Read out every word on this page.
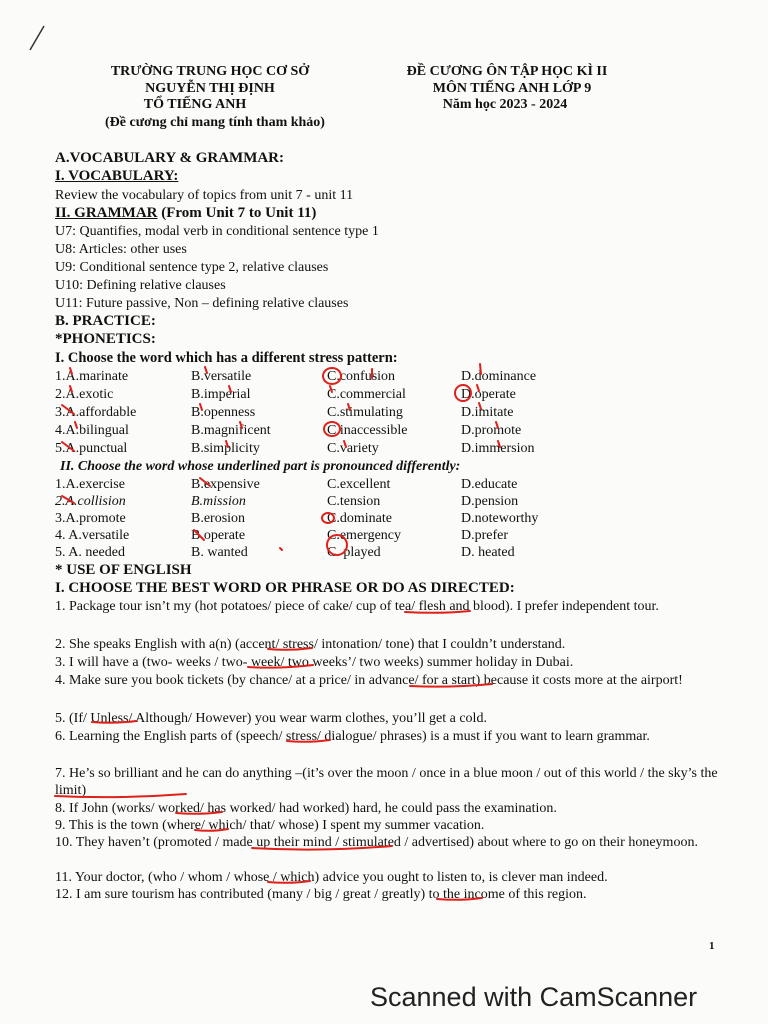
TRƯỜNG TRUNG HỌC CƠ SỞ
NGUYỄN THỊ ĐỊNH
TỔ TIẾNG ANH
(Đề cương chỉ mang tính tham khảo)
ĐỀ CƯƠNG ÔN TẬP HỌC KÌ II
MÔN TIẾNG ANH LỚP 9
Năm học 2023 - 2024
A.VOCABULARY & GRAMMAR:
I. VOCABULARY:
Review the vocabulary of topics from unit 7 - unit 11
II. GRAMMAR (From Unit 7 to Unit 11)
U7: Quantifies, modal verb in conditional sentence type 1
U8: Articles: other uses
U9: Conditional sentence type 2, relative clauses
U10: Defining relative clauses
U11: Future passive, Non – defining relative clauses
B. PRACTICE:
*PHONETICS:
I. Choose the word which has a different stress pattern:
1.A.marinate	B.versatile	C.confusion	D.dominance
2.A.exotic	B.imperial	C.commercial	D.operate
3.A.affordable	B.openness	C.stimulating	D.imitate
4.A.bilingual	B.magnificent	C.inaccessible	D.promote
5.A.punctual	B.simplicity	C.variety	D.immersion
II. Choose the word whose underlined part is pronounced differently:
1.A.exercise	B.expensive	C.excellent	D.educate
2.A.collision	B.mission	C.tension	D.pension
3.A.promote	B.erosion	C.dominate	D.noteworthy
4. A.versatile	B.operate	C.emergency	D.prefer
5. A. needed	B. wanted	C. played	D. heated
* USE OF ENGLISH
I. CHOOSE THE BEST WORD OR PHRASE OR DO AS DIRECTED:
1. Package tour isn’t my (hot potatoes/ piece of cake/ cup of tea/ flesh and blood). I prefer independent tour.
2. She speaks English with a(n) (accent/ stress/ intonation/ tone) that I couldn’t understand.
3. I will have a (two- weeks / two- week/ two weeks’/ two weeks) summer holiday in Dubai.
4. Make sure you book tickets (by chance/ at a price/ in advance/ for a start) because it costs more at the airport!
5. (If/ Unless/ Although/ However) you wear warm clothes, you’ll get a cold.
6. Learning the English parts of (speech/ stress/ dialogue/ phrases) is a must if you want to learn grammar.
7. He’s so brilliant and he can do anything –(it’s over the moon / once in a blue moon / out of this world / the sky’s the limit)
8. If John (works/ worked/ has worked/ had worked) hard, he could pass the examination.
9. This is the town (where/ which/ that/ whose) I spent my summer vacation.
10. They haven’t (promoted / made up their mind / stimulated / advertised) about where to go on their honeymoon.
11. Your doctor, (who / whom / whose / which) advice you ought to listen to, is clever man indeed.
12. I am sure tourism has contributed (many / big / great / greatly) to the income of this region.
1
Scanned with CamScanner
